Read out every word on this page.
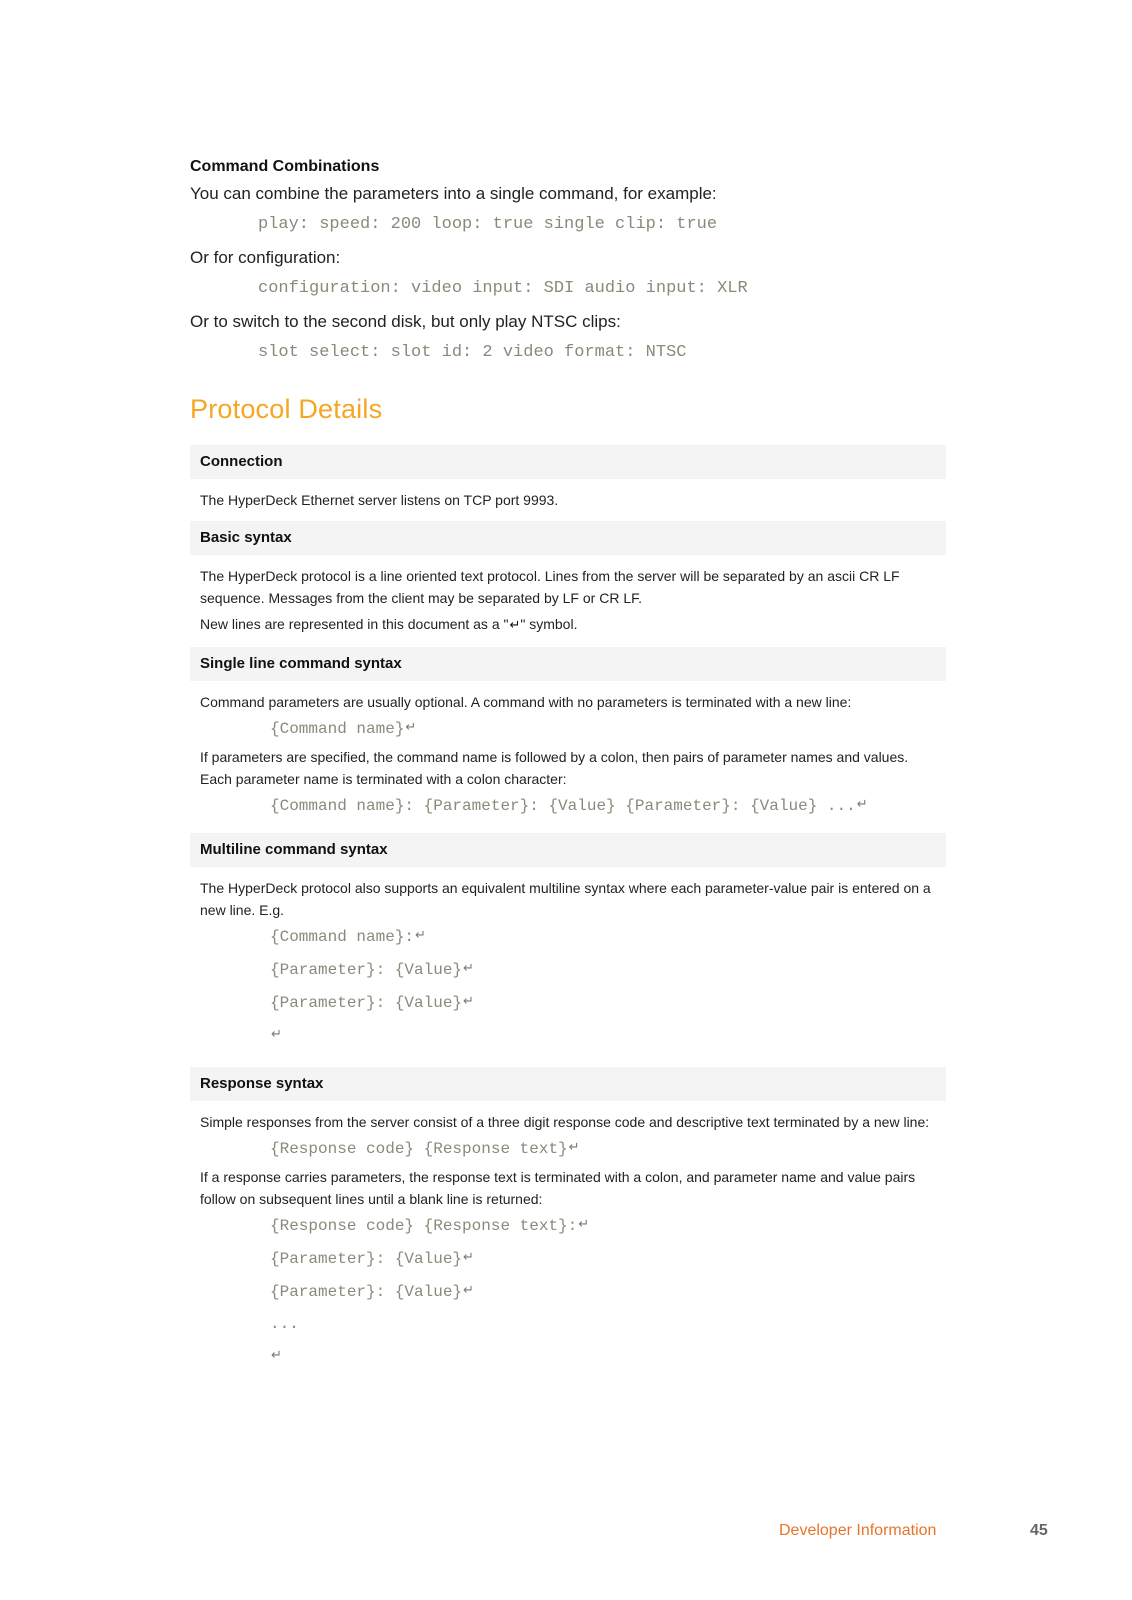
Command Combinations

You can combine the parameters into a single command, for example:

play: speed: 200 loop: true single clip: true

Or for configuration:

configuration: video input: SDI audio input: XLR

Or to switch to the second disk, but only play NTSC clips:

slot select: slot id: 2 video format: NTSC
Protocol Details
Connection

The HyperDeck Ethernet server listens on TCP port 9993.

Basic syntax

The HyperDeck protocol is a line oriented text protocol. Lines from the server will be separated by an ascii CR LF sequence. Messages from the client may be separated by LF or CR LF.

New lines are represented in this document as a "↵" symbol.

Single line command syntax

Command parameters are usually optional. A command with no parameters is terminated with a new line:

{Command name}↵

If parameters are specified, the command name is followed by a colon, then pairs of parameter names and values. Each parameter name is terminated with a colon character:

{Command name}: {Parameter}: {Value} {Parameter}: {Value} ...↵
Multiline command syntax

The HyperDeck protocol also supports an equivalent multiline syntax where each parameter-value pair is entered on a new line. E.g.

{Command name}:↵
{Parameter}: {Value}↵
{Parameter}: {Value}↵
↵
Response syntax

Simple responses from the server consist of a three digit response code and descriptive text terminated by a new line:

{Response code} {Response text}↵

If a response carries parameters, the response text is terminated with a colon, and parameter name and value pairs follow on subsequent lines until a blank line is returned:

{Response code} {Response text}:↵
{Parameter}: {Value}↵
{Parameter}: {Value}↵
...
↵
Developer Information	45
